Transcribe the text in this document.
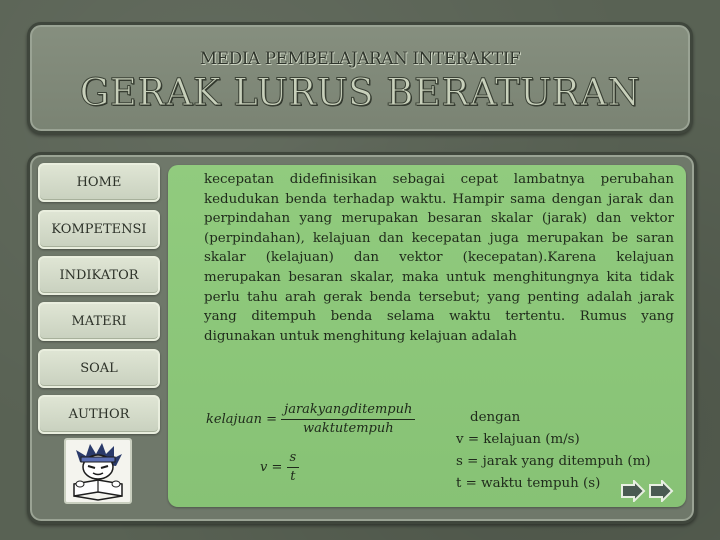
MEDIA PEMBELAJARAN INTERAKTIF
GERAK LURUS BERATURAN
HOME
KOMPETENSI
INDIKATOR
MATERI
SOAL
AUTHOR
kecepatan didefinisikan sebagai cepat lambatnya perubahan kedudukan benda terhadap waktu. Hampir sama dengan jarak dan perpindahan yang merupakan besaran skalar (jarak) dan vektor (perpindahan), kelajuan dan kecepatan juga merupakan be saran skalar (kelajuan) dan vektor (kecepatan).Karena kelajuan merupakan besaran skalar, maka untuk menghitungnya kita tidak perlu tahu arah gerak benda tersebut; yang penting adalah jarak yang ditempuh benda selama waktu tertentu. Rumus yang digunakan untuk menghitung kelajuan adalah
kelajuan = $\frac{\text{jarakyangditempuh}}{\text{waktutempuh}}$
$v = \frac{s}{t}$
dengan
v = kelajuan (m/s)
s = jarak yang ditempuh (m)
t = waktu tempuh (s)
